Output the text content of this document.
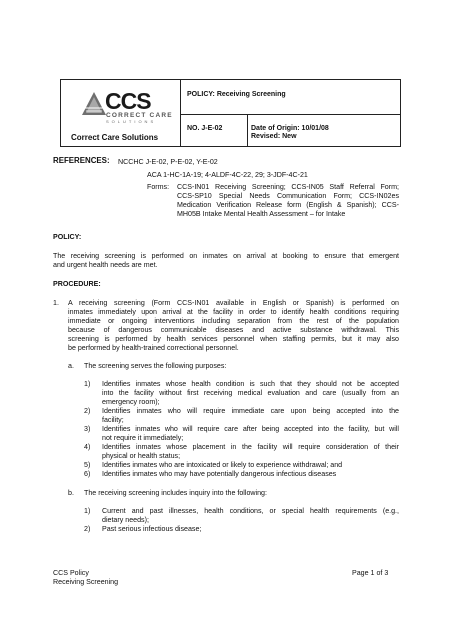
CCS
CORRECT CARE
SOLUTIONS
Correct Care Solutions
POLICY: Receiving Screening
NO. J-E-02	Date of Origin: 10/01/08
Revised: New
REFERENCES: NCCHC J-E-02, P-E-02, Y-E-02
ACA 1-HC-1A-19; 4-ALDF-4C-22, 29; 3-JDF-4C-21
Forms: CCS-IN01 Receiving Screening; CCS-IN05 Staff Referral Form;
CCS-SP10 Special Needs Communication Form; CCS-IN02es
Medication Verification Release form (English & Spanish); CCS-
MH05B Intake Mental Health Assessment – for Intake
POLICY:
The receiving screening is performed on inmates on arrival at booking to ensure that emergent
and urgent health needs are met.
PROCEDURE:
1. A receiving screening (Form CCS-IN01 available in English or Spanish) is performed on
inmates immediately upon arrival at the facility in order to identify health conditions requiring
immediate or ongoing interventions including separation from the rest of the population
because of dangerous communicable diseases and active substance withdrawal. This
screening is performed by health services personnel when staffing permits, but it may also
be performed by health-trained correctional personnel.
a. The screening serves the following purposes:
1) Identifies inmates whose health condition is such that they should not be accepted
into the facility without first receiving medical evaluation and care (usually from an
emergency room);
2) Identifies inmates who will require immediate care upon being accepted into the
facility;
3) Identifies inmates who will require care after being accepted into the facility, but will
not require it immediately;
4) Identifies inmates whose placement in the facility will require consideration of their
physical or health status;
5) Identifies inmates who are intoxicated or likely to experience withdrawal; and
6) Identifies inmates who may have potentially dangerous infectious diseases
b. The receiving screening includes inquiry into the following:
1) Current and past illnesses, health conditions, or special health requirements (e.g.,
dietary needs);
2) Past serious infectious disease;
CCS Policy
Receiving Screening
Page 1 of 3
